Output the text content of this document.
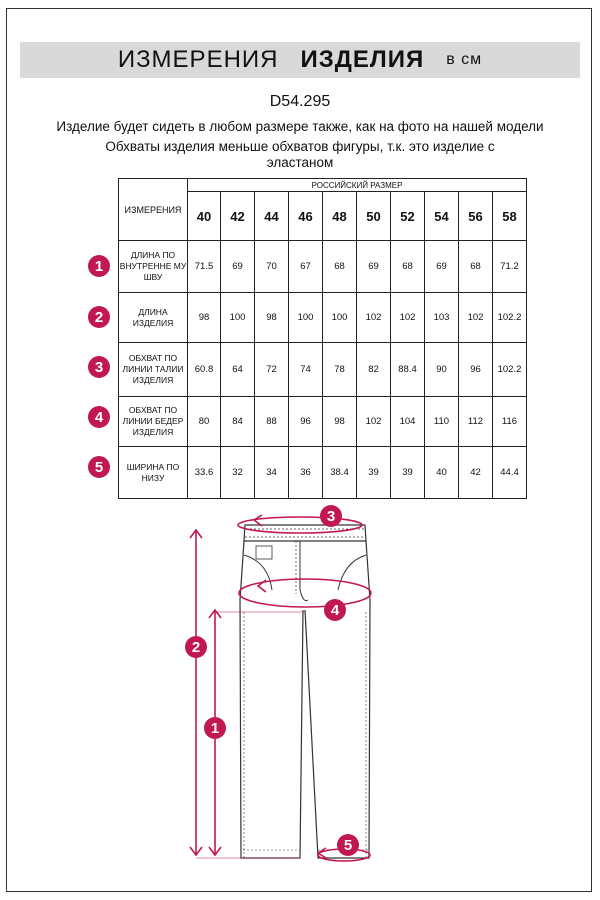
ИЗМЕРЕНИЯ ИЗДЕЛИЯ в см
D54.295
Изделие будет сидеть в любом размере также, как на фото на нашей модели
Обхваты изделия меньше обхватов фигуры, т.к. это изделие с эластаном
ИЗМЕРЕНИЯ	РОССИЙСКИЙ РАЗМЕР									
	40	42	44	46	48	50	52	54	56	58
ДЛИНА ПО ВНУТРЕННЕ МУ ШВУ	71.5	69	70	67	68	69	68	69	68	71.2
ДЛИНА ИЗДЕЛИЯ	98	100	98	100	100	102	102	103	102	102.2
ОБХВАТ ПО ЛИНИИ ТАЛИИ ИЗДЕЛИЯ	60.8	64	72	74	78	82	88.4	90	96	102.2
ОБХВАТ ПО ЛИНИИ БЕДЕР ИЗДЕЛИЯ	80	84	88	96	98	102	104	110	112	116
ШИРИНА ПО НИЗУ	33.6	32	34	36	38.4	39	39	40	42	44.4
1
2
3
4
5
2
1
3
4
5
